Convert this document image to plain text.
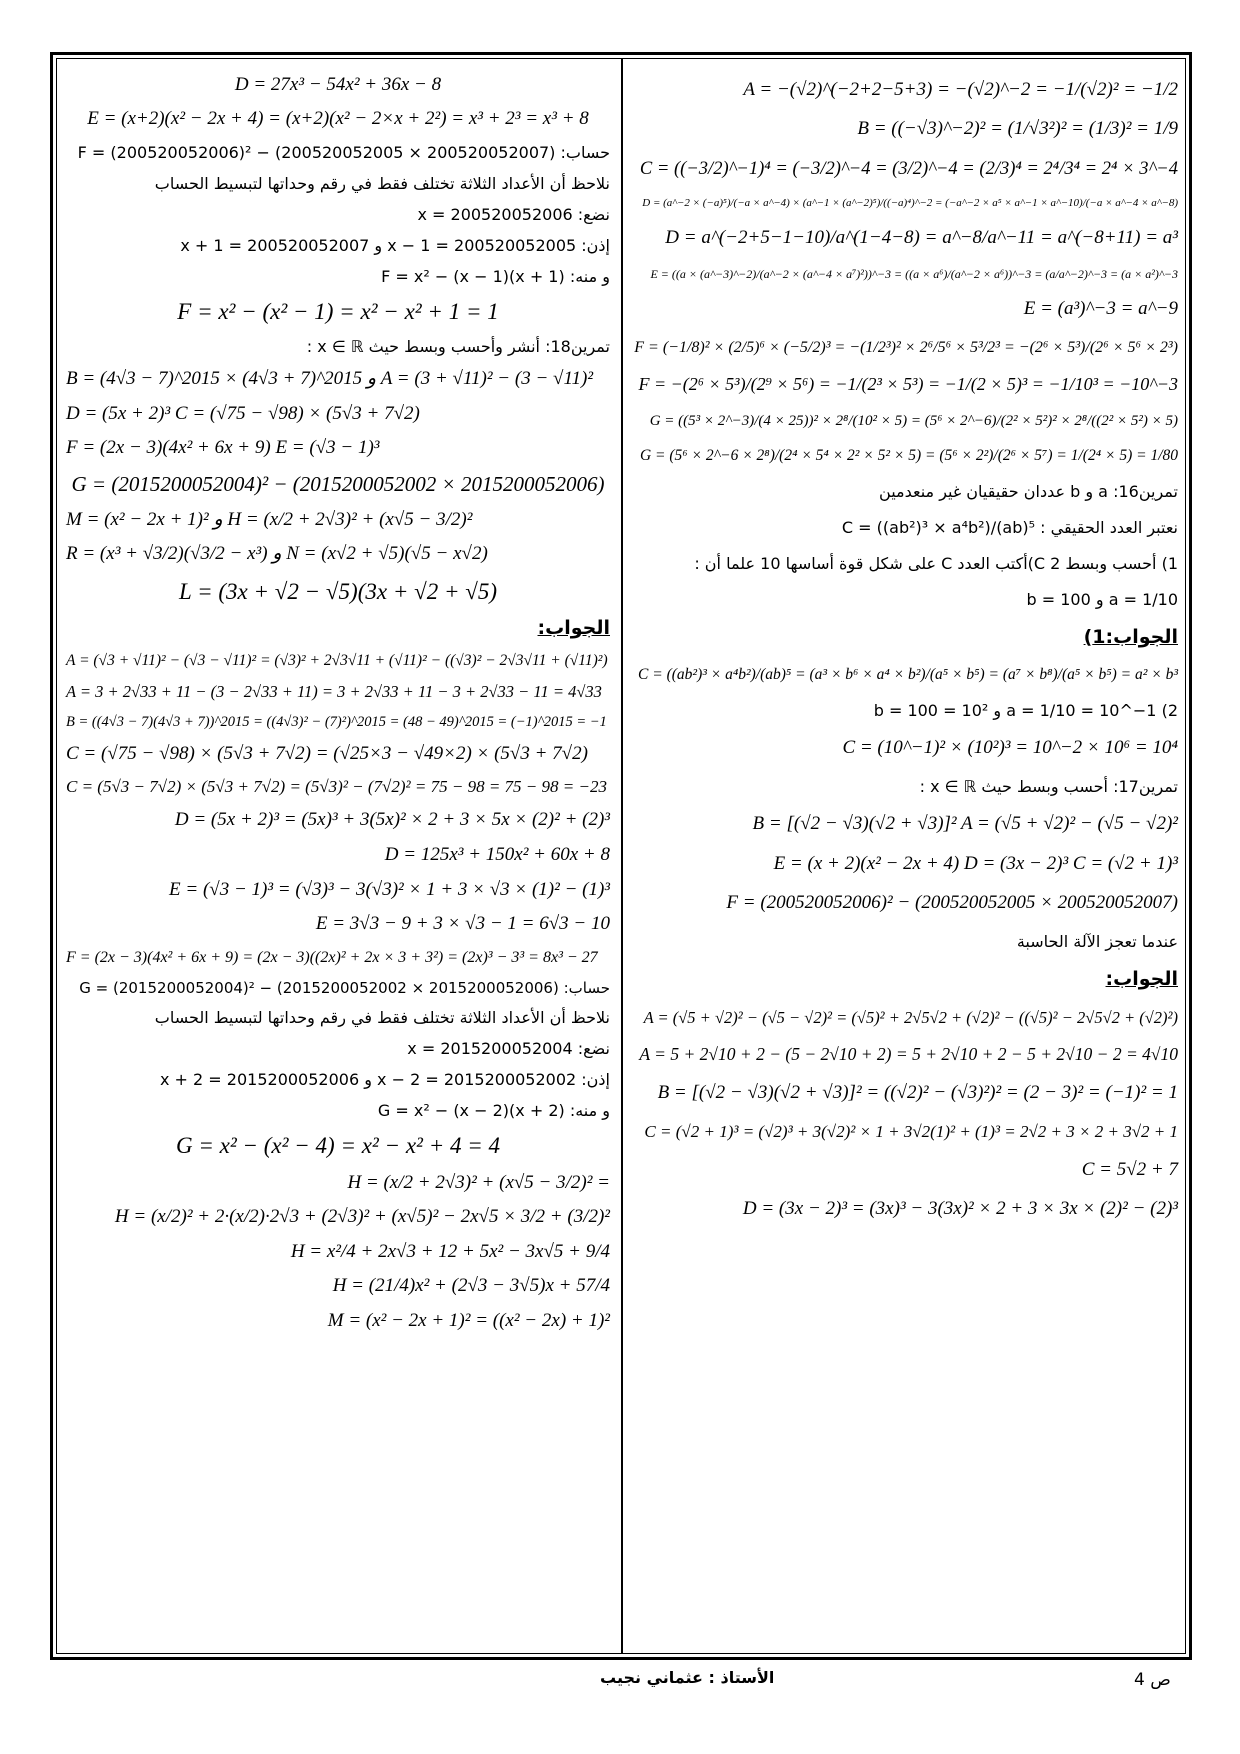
D = 27x³ − 54x² + 36x − 8
E = (x+2)(x² − 2x + 4) = (x+2)(x² − 2×x + 2²) = x³ + 2³ = x³ + 8
حساب: F = (200520052006)² − (200520052005 × 200520052007)
نلاحظ أن الأعداد الثلاثة تختلف فقط في رقم وحداتها لتبسيط الحساب
نضع: x = 200520052006
إذن: 200520052005 = x − 1 و 200520052007 = x + 1
و منه: F = x² − (x − 1)(x + 1)
F = x² − (x² − 1) = x² − x² + 1 = 1
تمرين18: أنشر وأحسب وبسط حيث x ∈ ℝ :
B = (4√3 − 7)^2015 × (4√3 + 7)^2015 و A = (3 + √11)² − (3 − √11)²
D = (5x + 2)³ C = (√75 − √98) × (5√3 + 7√2)
F = (2x − 3)(4x² + 6x + 9) E = (√3 − 1)³
G = (2015200052004)² − (2015200052002 × 2015200052006)
M = (x² − 2x + 1)² و H = (x/2 + 2√3)² + (x√5 − 3/2)²
R = (x³ + √3/2)(√3/2 − x³) و N = (x√2 + √5)(√5 − x√2)
L = (3x + √2 − √5)(3x + √2 + √5)
الجواب:
A = (√3 + √11)² − (√3 − √11)² = (√3)² + 2√3√11 + (√11)² − ((√3)² − 2√3√11 + (√11)²)
A = 3 + 2√33 + 11 − (3 − 2√33 + 11) = 3 + 2√33 + 11 − 3 + 2√33 − 11 = 4√33
B = ((4√3 − 7)(4√3 + 7))^2015 = ((4√3)² − (7)²)^2015 = (48 − 49)^2015 = (−1)^2015 = −1
C = (√75 − √98) × (5√3 + 7√2) = (√25×3 − √49×2) × (5√3 + 7√2)
C = (5√3 − 7√2) × (5√3 + 7√2) = (5√3)² − (7√2)² = 75 − 98 = 75 − 98 = −23
D = (5x + 2)³ = (5x)³ + 3(5x)² × 2 + 3 × 5x × (2)² + (2)³
D = 125x³ + 150x² + 60x + 8
E = (√3 − 1)³ = (√3)³ − 3(√3)² × 1 + 3 × √3 × (1)² − (1)³
E = 3√3 − 9 + 3 × √3 − 1 = 6√3 − 10
F = (2x − 3)(4x² + 6x + 9) = (2x − 3)((2x)² + 2x × 3 + 3²) = (2x)³ − 3³ = 8x³ − 27
حساب: G = (2015200052004)² − (2015200052002 × 2015200052006)
نلاحظ أن الأعداد الثلاثة تختلف فقط في رقم وحداتها لتبسيط الحساب
نضع: x = 2015200052004
إذن: 2015200052002 = x − 2 و 2015200052006 = x + 2
و منه: G = x² − (x − 2)(x + 2)
G = x² − (x² − 4) = x² − x² + 4 = 4
H = (x/2 + 2√3)² + (x√5 − 3/2)² =
H = (x/2)² + 2·(x/2)·2√3 + (2√3)² + (x√5)² − 2x√5 × 3/2 + (3/2)²
H = x²/4 + 2x√3 + 12 + 5x² − 3x√5 + 9/4
H = (21/4)x² + (2√3 − 3√5)x + 57/4
M = (x² − 2x + 1)² = ((x² − 2x) + 1)²
A = −(√2)^(−2+2−5+3) = −(√2)^−2 = −1/(√2)² = −1/2
B = ((−√3)^−2)² = (1/√3²)² = (1/3)² = 1/9
C = ((−3/2)^−1)⁴ = (−3/2)^−4 = (3/2)^−4 = (2/3)⁴ = 2⁴/3⁴ = 2⁴ × 3^−4
D = (a^−2 × (−a)⁵)/(−a × a^−4) × (a^−1 × (a^−2)⁵)/((−a)⁴)^−2 = (−a^−2 × a⁵ × a^−1 × a^−10)/(−a × a^−4 × a^−8)
D = a^(−2+5−1−10)/a^(1−4−8) = a^−8/a^−11 = a^(−8+11) = a³
E = ((a × (a^−3)^−2)/(a^−2 × (a^−4 × a⁷)²))^−3 = ((a × a⁶)/(a^−2 × a⁶))^−3 = (a/a^−2)^−3 = (a × a²)^−3
E = (a³)^−3 = a^−9
F = (−1/8)² × (2/5)⁶ × (−5/2)³ = −(1/2³)² × 2⁶/5⁶ × 5³/2³ = −(2⁶ × 5³)/(2⁶ × 5⁶ × 2³)
F = −(2⁶ × 5³)/(2⁹ × 5⁶) = −1/(2³ × 5³) = −1/(2 × 5)³ = −1/10³ = −10^−3
G = ((5³ × 2^−3)/(4 × 25))² × 2⁸/(10² × 5) = (5⁶ × 2^−6)/(2² × 5²)² × 2⁸/((2² × 5²) × 5)
G = (5⁶ × 2^−6 × 2⁸)/(2⁴ × 5⁴ × 2² × 5² × 5) = (5⁶ × 2²)/(2⁶ × 5⁷) = 1/(2⁴ × 5) = 1/80
تمرين16: a و b عددان حقيقيان غير منعدمين
نعتبر العدد الحقيقي : C = ((ab²)³ × a⁴b²)/(ab)⁵
1) أحسب وبسط C 2)أكتب العدد C على شكل قوة أساسها 10 علما أن :
a = 1/10 و b = 100
الجواب:1)
C = ((ab²)³ × a⁴b²)/(ab)⁵ = (a³ × b⁶ × a⁴ × b²)/(a⁵ × b⁵) = (a⁷ × b⁸)/(a⁵ × b⁵) = a² × b³
2) a = 1/10 = 10^−1 و b = 100 = 10²
C = (10^−1)² × (10²)³ = 10^−2 × 10⁶ = 10⁴
تمرين17: أحسب وبسط حيث x ∈ ℝ :
B = [(√2 − √3)(√2 + √3)]² A = (√5 + √2)² − (√5 − √2)²
E = (x + 2)(x² − 2x + 4) D = (3x − 2)³ C = (√2 + 1)³
F = (200520052006)² − (200520052005 × 200520052007)
عندما تعجز الآلة الحاسبة
الجواب:
A = (√5 + √2)² − (√5 − √2)² = (√5)² + 2√5√2 + (√2)² − ((√5)² − 2√5√2 + (√2)²)
A = 5 + 2√10 + 2 − (5 − 2√10 + 2) = 5 + 2√10 + 2 − 5 + 2√10 − 2 = 4√10
B = [(√2 − √3)(√2 + √3)]² = ((√2)² − (√3)²)² = (2 − 3)² = (−1)² = 1
C = (√2 + 1)³ = (√2)³ + 3(√2)² × 1 + 3√2(1)² + (1)³ = 2√2 + 3 × 2 + 3√2 + 1
C = 5√2 + 7
D = (3x − 2)³ = (3x)³ − 3(3x)² × 2 + 3 × 3x × (2)² − (2)³
ص 4
الأستاذ : عثماني نجيب
